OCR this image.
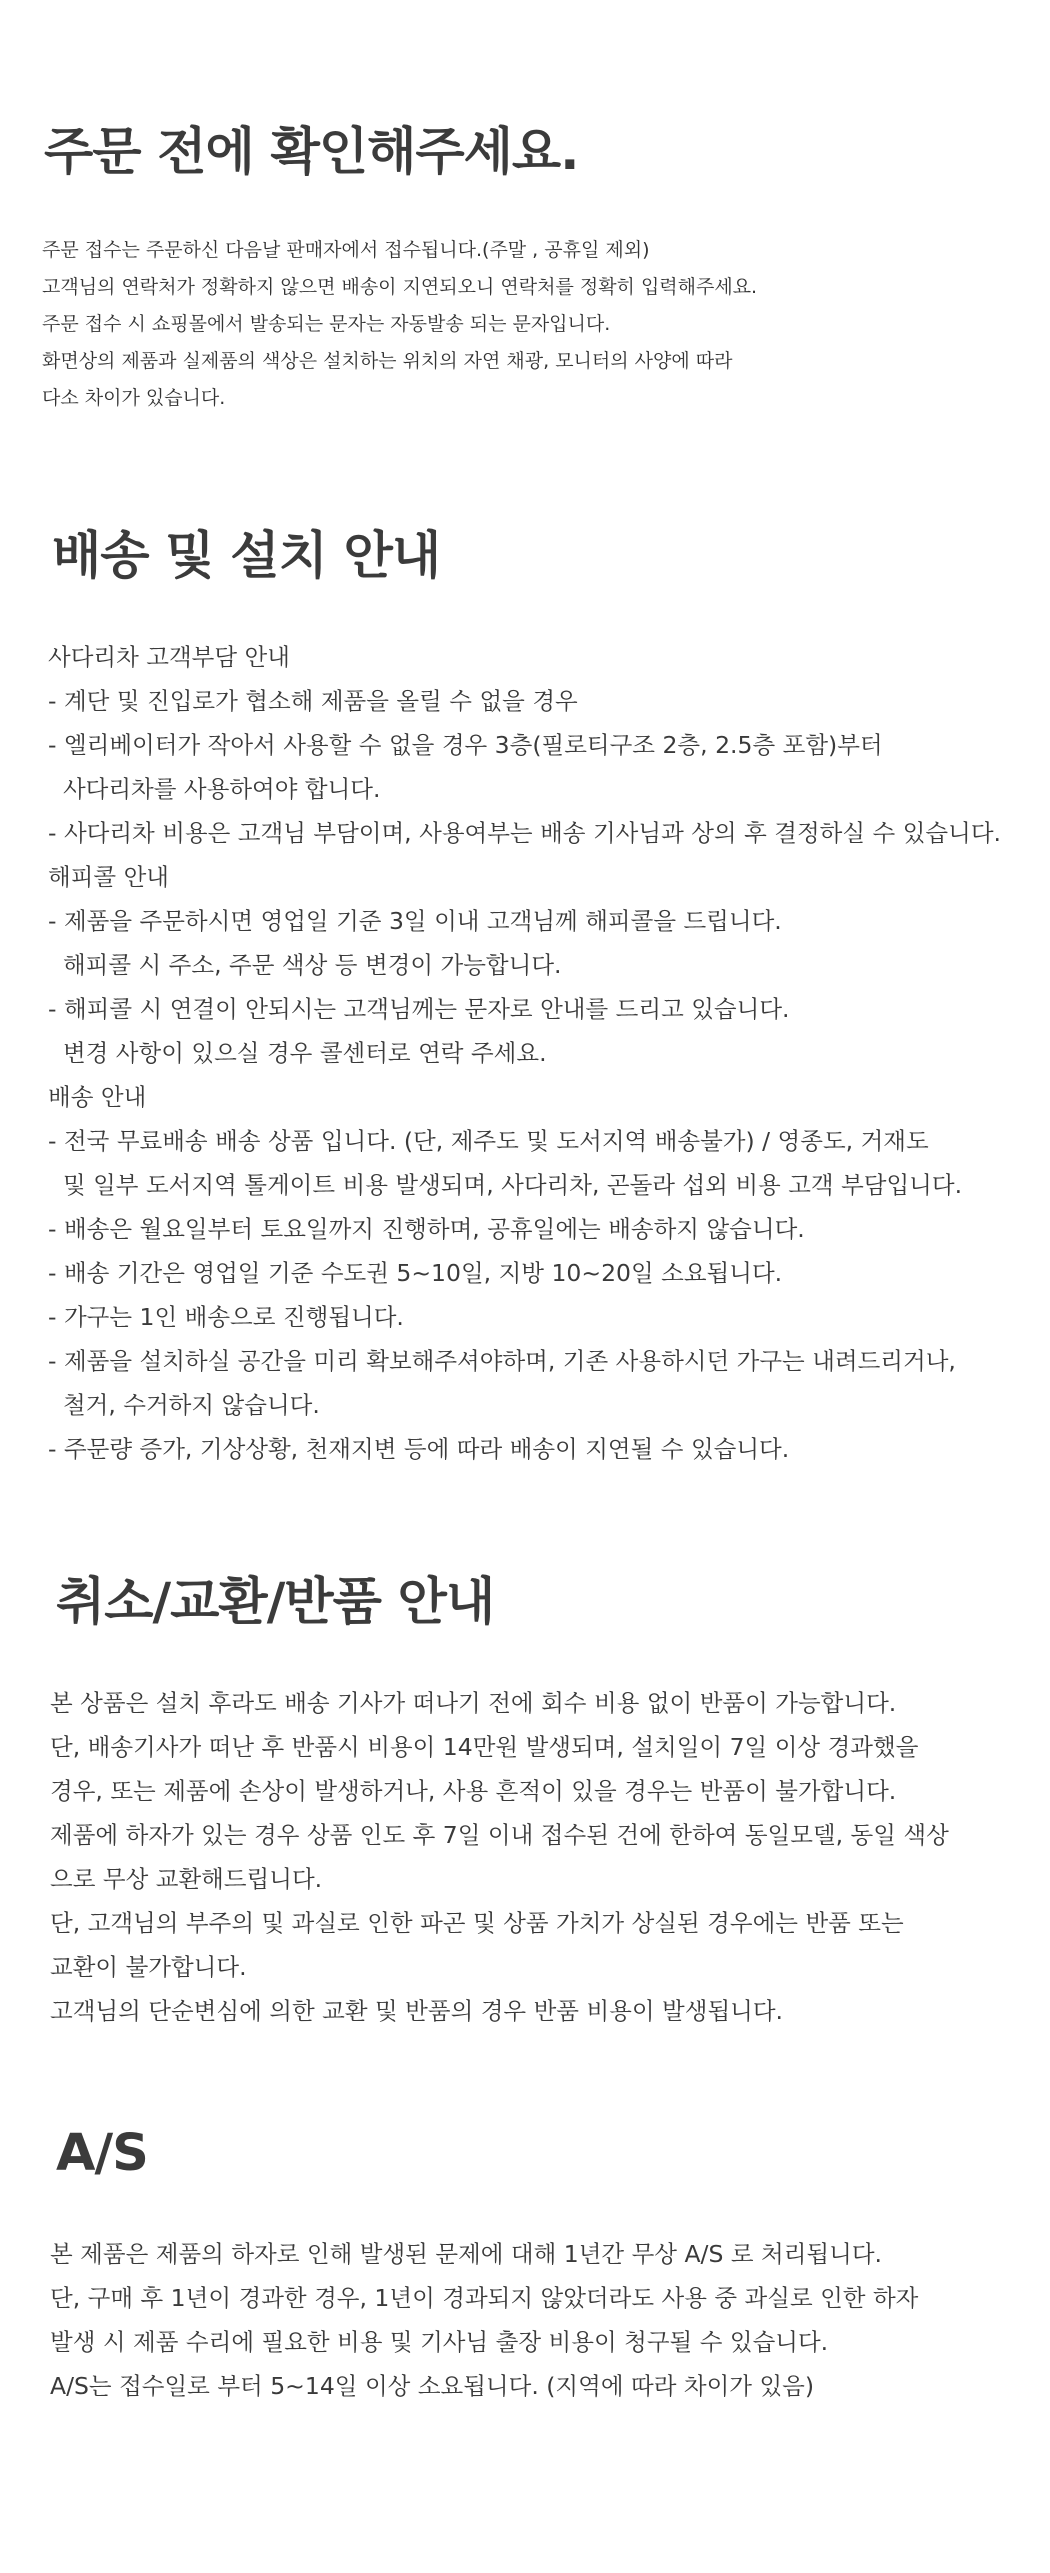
주문 전에 확인해주세요.
주문 접수는 주문하신 다음날 판매자에서 접수됩니다.(주말 , 공휴일 제외)
고객님의 연락처가 정확하지 않으면 배송이 지연되오니 연락처를 정확히 입력해주세요.
주문 접수 시 쇼핑몰에서 발송되는 문자는 자동발송 되는 문자입니다.
화면상의 제품과 실제품의 색상은 설치하는 위치의 자연 채광, 모니터의 사양에 따라
다소 차이가 있습니다.
배송 및 설치 안내
사다리차 고객부담 안내
- 계단 및 진입로가 협소해 제품을 올릴 수 없을 경우
- 엘리베이터가 작아서 사용할 수 없을 경우 3층(필로티구조 2층, 2.5층 포함)부터
사다리차를 사용하여야 합니다.
- 사다리차 비용은 고객님 부담이며, 사용여부는 배송 기사님과 상의 후 결정하실 수 있습니다.
해피콜 안내
- 제품을 주문하시면 영업일 기준 3일 이내 고객님께 해피콜을 드립니다.
해피콜 시 주소, 주문 색상 등 변경이 가능합니다.
- 해피콜 시 연결이 안되시는 고객님께는 문자로 안내를 드리고 있습니다.
변경 사항이 있으실 경우 콜센터로 연락 주세요.
배송 안내
- 전국 무료배송 배송 상품 입니다. (단, 제주도 및 도서지역 배송불가) / 영종도, 거재도
및 일부 도서지역 톨게이트 비용 발생되며, 사다리차, 곤돌라 섭외 비용 고객 부담입니다.
- 배송은 월요일부터 토요일까지 진행하며, 공휴일에는 배송하지 않습니다.
- 배송 기간은 영업일 기준 수도권 5~10일, 지방 10~20일 소요됩니다.
- 가구는 1인 배송으로 진행됩니다.
- 제품을 설치하실 공간을 미리 확보해주셔야하며, 기존 사용하시던 가구는 내려드리거나,
철거, 수거하지 않습니다.
- 주문량 증가, 기상상황, 천재지변 등에 따라 배송이 지연될 수 있습니다.
취소/교환/반품 안내
본 상품은 설치 후라도 배송 기사가 떠나기 전에 회수 비용 없이 반품이 가능합니다.
단, 배송기사가 떠난 후 반품시 비용이 14만원 발생되며, 설치일이 7일 이상 경과했을
경우, 또는 제품에 손상이 발생하거나, 사용 흔적이 있을 경우는 반품이 불가합니다.
제품에 하자가 있는 경우 상품 인도 후 7일 이내 접수된 건에 한하여 동일모델, 동일 색상
으로 무상 교환해드립니다.
단, 고객님의 부주의 및 과실로 인한 파곤 및 상품 가치가 상실된 경우에는 반품 또는
교환이 불가합니다.
고객님의 단순변심에 의한 교환 및 반품의 경우 반품 비용이 발생됩니다.
A/S
본 제품은 제품의 하자로 인해 발생된 문제에 대해 1년간 무상 A/S 로 처리됩니다.
단, 구매 후 1년이 경과한 경우, 1년이 경과되지 않았더라도 사용 중 과실로 인한 하자
발생 시 제품 수리에 필요한 비용 및 기사님 출장 비용이 청구될 수 있습니다.
A/S는 접수일로 부터 5~14일 이상 소요됩니다. (지역에 따라 차이가 있음)
